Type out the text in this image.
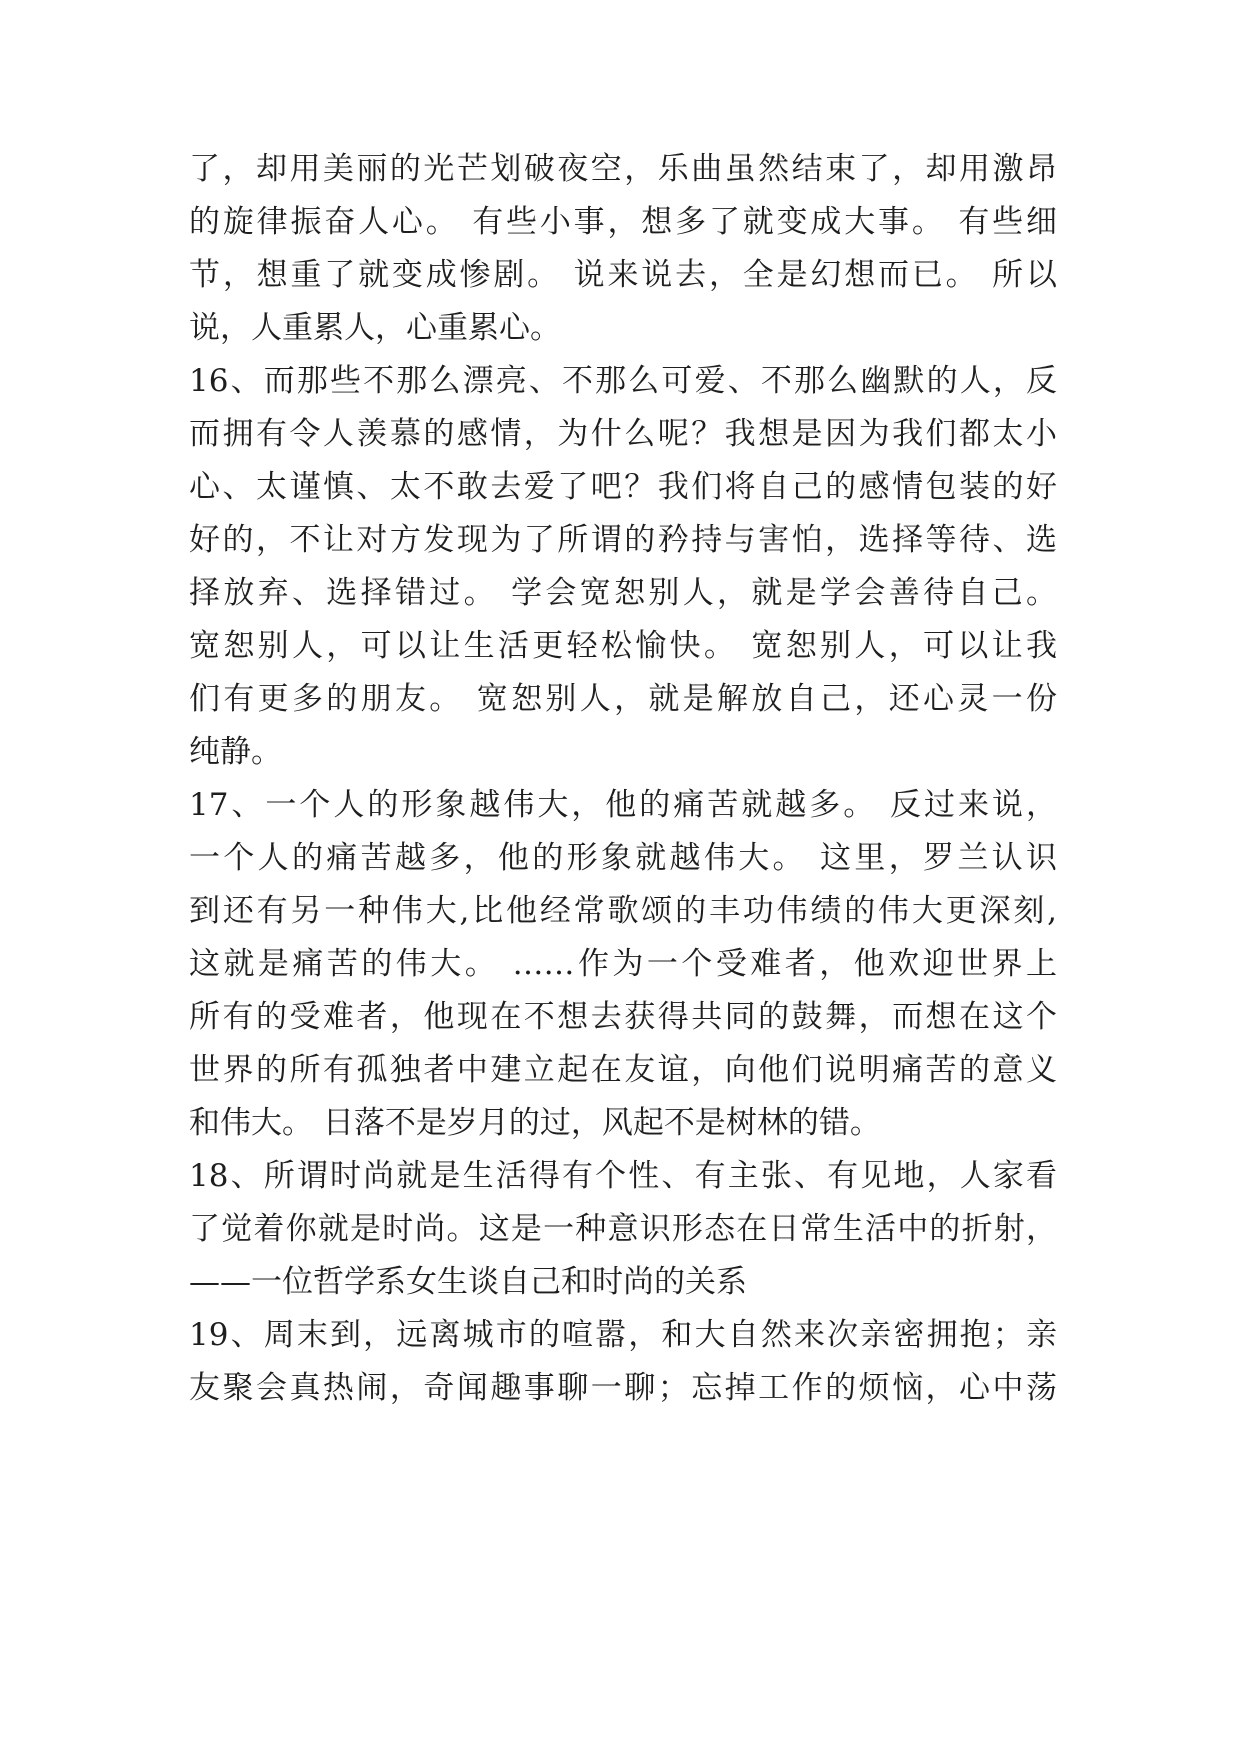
了，却用美丽的光芒划破夜空，乐曲虽然结束了，却用激昂
的旋律振奋人心。 有些小事，想多了就变成大事。 有些细
节，想重了就变成惨剧。 说来说去，全是幻想而已。 所以
说，人重累人，心重累心。
16、而那些不那么漂亮、不那么可爱、不那么幽默的人，反
而拥有令人羡慕的感情，为什么呢？我想是因为我们都太小
心、太谨慎、太不敢去爱了吧？我们将自己的感情包装的好
好的，不让对方发现为了所谓的矜持与害怕，选择等待、选
择放弃、选择错过。 学会宽恕别人，就是学会善待自己。
宽恕别人，可以让生活更轻松愉快。 宽恕别人，可以让我
们有更多的朋友。 宽恕别人，就是解放自己，还心灵一份
纯静。
17、一个人的形象越伟大，他的痛苦就越多。 反过来说，
一个人的痛苦越多，他的形象就越伟大。 这里，罗兰认识
到还有另一种伟大,比他经常歌颂的丰功伟绩的伟大更深刻,
这就是痛苦的伟大。 ……作为一个受难者，他欢迎世界上
所有的受难者，他现在不想去获得共同的鼓舞，而想在这个
世界的所有孤独者中建立起在友谊，向他们说明痛苦的意义
和伟大。 日落不是岁月的过，风起不是树林的错。
18、所谓时尚就是生活得有个性、有主张、有见地，人家看
了觉着你就是时尚。这是一种意识形态在日常生活中的折射，
——一位哲学系女生谈自己和时尚的关系
19、周末到，远离城市的喧嚣，和大自然来次亲密拥抱；亲
友聚会真热闹，奇闻趣事聊一聊；忘掉工作的烦恼，心中荡
